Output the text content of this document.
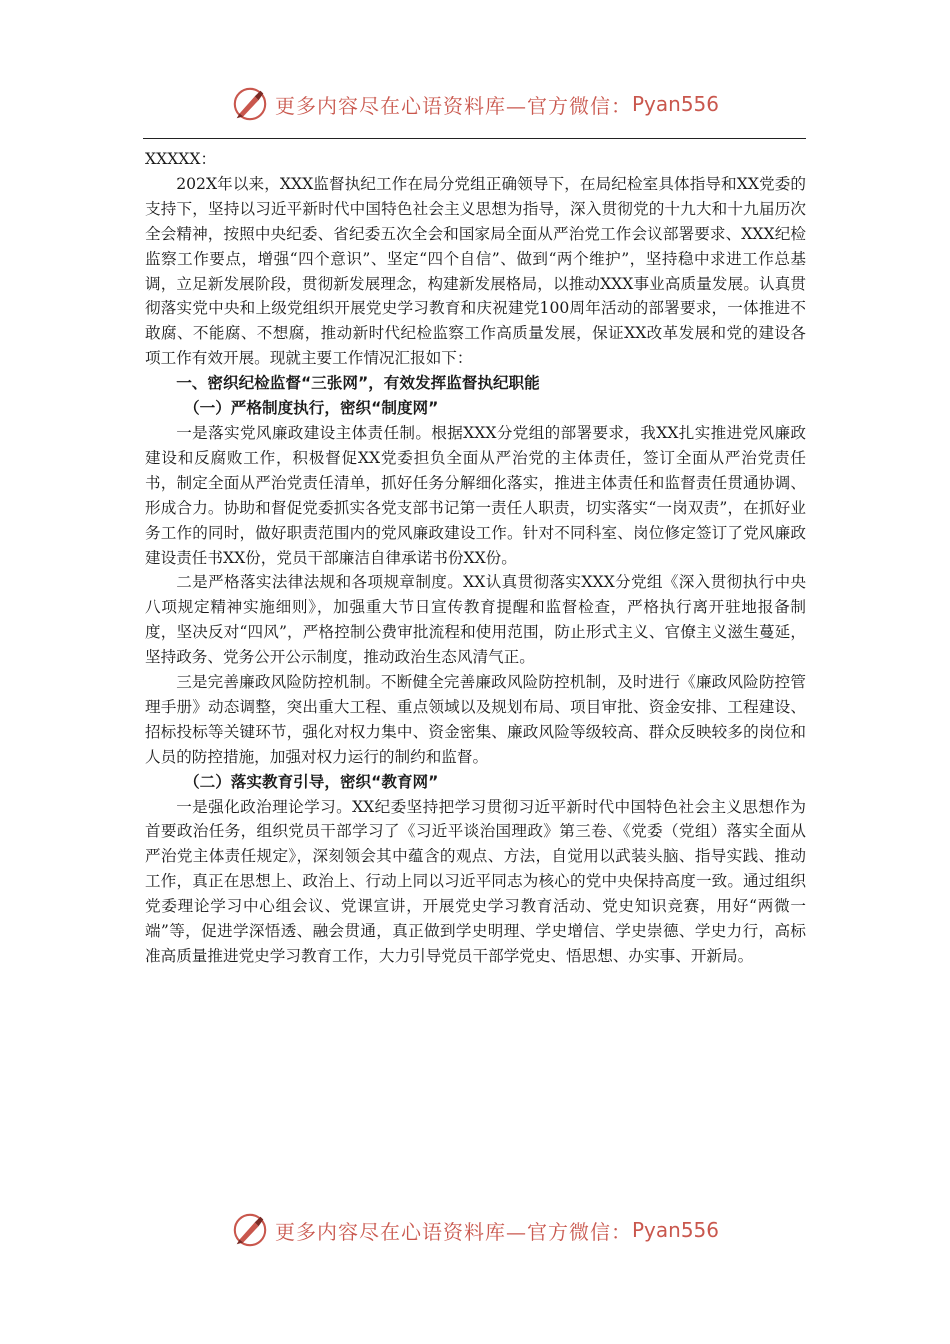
更多内容尽在心语资料库—官方微信： Pyan556

XXXXX：

202X年以来，XXX监督执纪工作在局分党组正确领导下，在局纪检室具体指导和XX党委的支持下，坚持以习近平新时代中国特色社会主义思想为指导，深入贯彻党的十九大和十九届历次全会精神，按照中央纪委、省纪委五次全会和国家局全面从严治党工作会议部署要求、XXX纪检监察工作要点，增强“四个意识”、坚定“四个自信”、做到“两个维护”，坚持稳中求进工作总基调，立足新发展阶段，贯彻新发展理念，构建新发展格局，以推动XXX事业高质量发展。认真贯彻落实党中央和上级党组织开展党史学习教育和庆祝建党100周年活动的部署要求，一体推进不敢腐、不能腐、不想腐，推动新时代纪检监察工作高质量发展，保证XX改革发展和党的建设各项工作有效开展。现就主要工作情况汇报如下：

一、密织纪检监督“三张网”，有效发挥监督执纪职能

（一）严格制度执行，密织“制度网”

一是落实党风廉政建设主体责任制。根据XXX分党组的部署要求，我XX扎实推进党风廉政建设和反腐败工作，积极督促XX党委担负全面从严治党的主体责任，签订全面从严治党责任书，制定全面从严治党责任清单，抓好任务分解细化落实，推进主体责任和监督责任贯通协调、形成合力。协助和督促党委抓实各党支部书记第一责任人职责，切实落实“一岗双责”，在抓好业务工作的同时，做好职责范围内的党风廉政建设工作。针对不同科室、岗位修定签订了党风廉政建设责任书XX份，党员干部廉洁自律承诺书份XX份。

二是严格落实法律法规和各项规章制度。XX认真贯彻落实XXX分党组《深入贯彻执行中央八项规定精神实施细则》，加强重大节日宣传教育提醒和监督检查，严格执行离开驻地报备制度，坚决反对“四风”，严格控制公费审批流程和使用范围，防止形式主义、官僚主义滋生蔓延，坚持政务、党务公开公示制度，推动政治生态风清气正。

三是完善廉政风险防控机制。不断健全完善廉政风险防控机制，及时进行《廉政风险防控管理手册》动态调整，突出重大工程、重点领域以及规划布局、项目审批、资金安排、工程建设、招标投标等关键环节，强化对权力集中、资金密集、廉政风险等级较高、群众反映较多的岗位和人员的防控措施，加强对权力运行的制约和监督。

（二）落实教育引导，密织“教育网”

一是强化政治理论学习。XX纪委坚持把学习贯彻习近平新时代中国特色社会主义思想作为首要政治任务，组织党员干部学习了《习近平谈治国理政》第三卷、《党委（党组）落实全面从严治党主体责任规定》，深刻领会其中蕴含的观点、方法，自觉用以武装头脑、指导实践、推动工作，真正在思想上、政治上、行动上同以习近平同志为核心的党中央保持高度一致。通过组织党委理论学习中心组会议、党课宣讲，开展党史学习教育活动、党史知识竞赛，用好“两微一端”等，促进学深悟透、融会贯通，真正做到学史明理、学史增信、学史崇德、学史力行，高标准高质量推进党史学习教育工作，大力引导党员干部学党史、悟思想、办实事、开新局。

更多内容尽在心语资料库—官方微信： Pyan556
